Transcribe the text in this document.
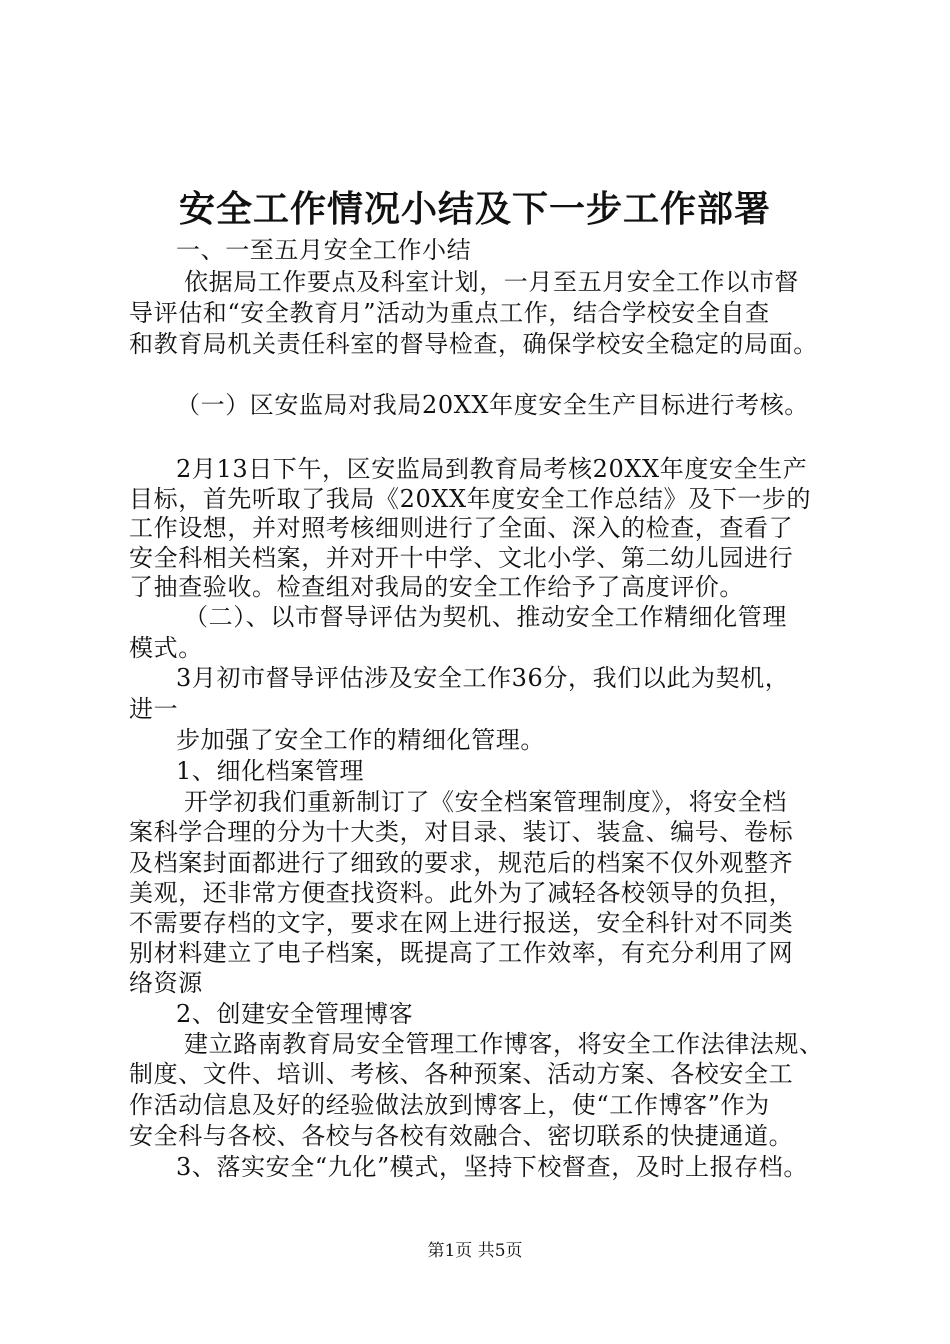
安全工作情况小结及下一步工作部署
一、一至五月安全工作小结
依据局工作要点及科室计划，一月至五月安全工作以市督
导评估和“安全教育月”活动为重点工作，结合学校安全自查
和教育局机关责任科室的督导检查，确保学校安全稳定的局面。
（一）区安监局对我局20XX年度安全生产目标进行考核。
2月13日下午，区安监局到教育局考核20XX年度安全生产
目标，首先听取了我局《20XX年度安全工作总结》及下一步的
工作设想，并对照考核细则进行了全面、深入的检查，查看了
安全科相关档案，并对开十中学、文北小学、第二幼儿园进行
了抽查验收。检查组对我局的安全工作给予了高度评价。
（二）、以市督导评估为契机、推动安全工作精细化管理
模式。
3月初市督导评估涉及安全工作36分，我们以此为契机，
进一
步加强了安全工作的精细化管理。
1、细化档案管理
开学初我们重新制订了《安全档案管理制度》，将安全档
案科学合理的分为十大类，对目录、装订、装盒、编号、卷标
及档案封面都进行了细致的要求，规范后的档案不仅外观整齐
美观，还非常方便查找资料。此外为了减轻各校领导的负担，
不需要存档的文字，要求在网上进行报送，安全科针对不同类
别材料建立了电子档案，既提高了工作效率，有充分利用了网
络资源
2、创建安全管理博客
建立路南教育局安全管理工作博客，将安全工作法律法规、
制度、文件、培训、考核、各种预案、活动方案、各校安全工
作活动信息及好的经验做法放到博客上，使“工作博客”作为
安全科与各校、各校与各校有效融合、密切联系的快捷通道。
3、落实安全“九化”模式，坚持下校督查，及时上报存档。
第1页 共5页
